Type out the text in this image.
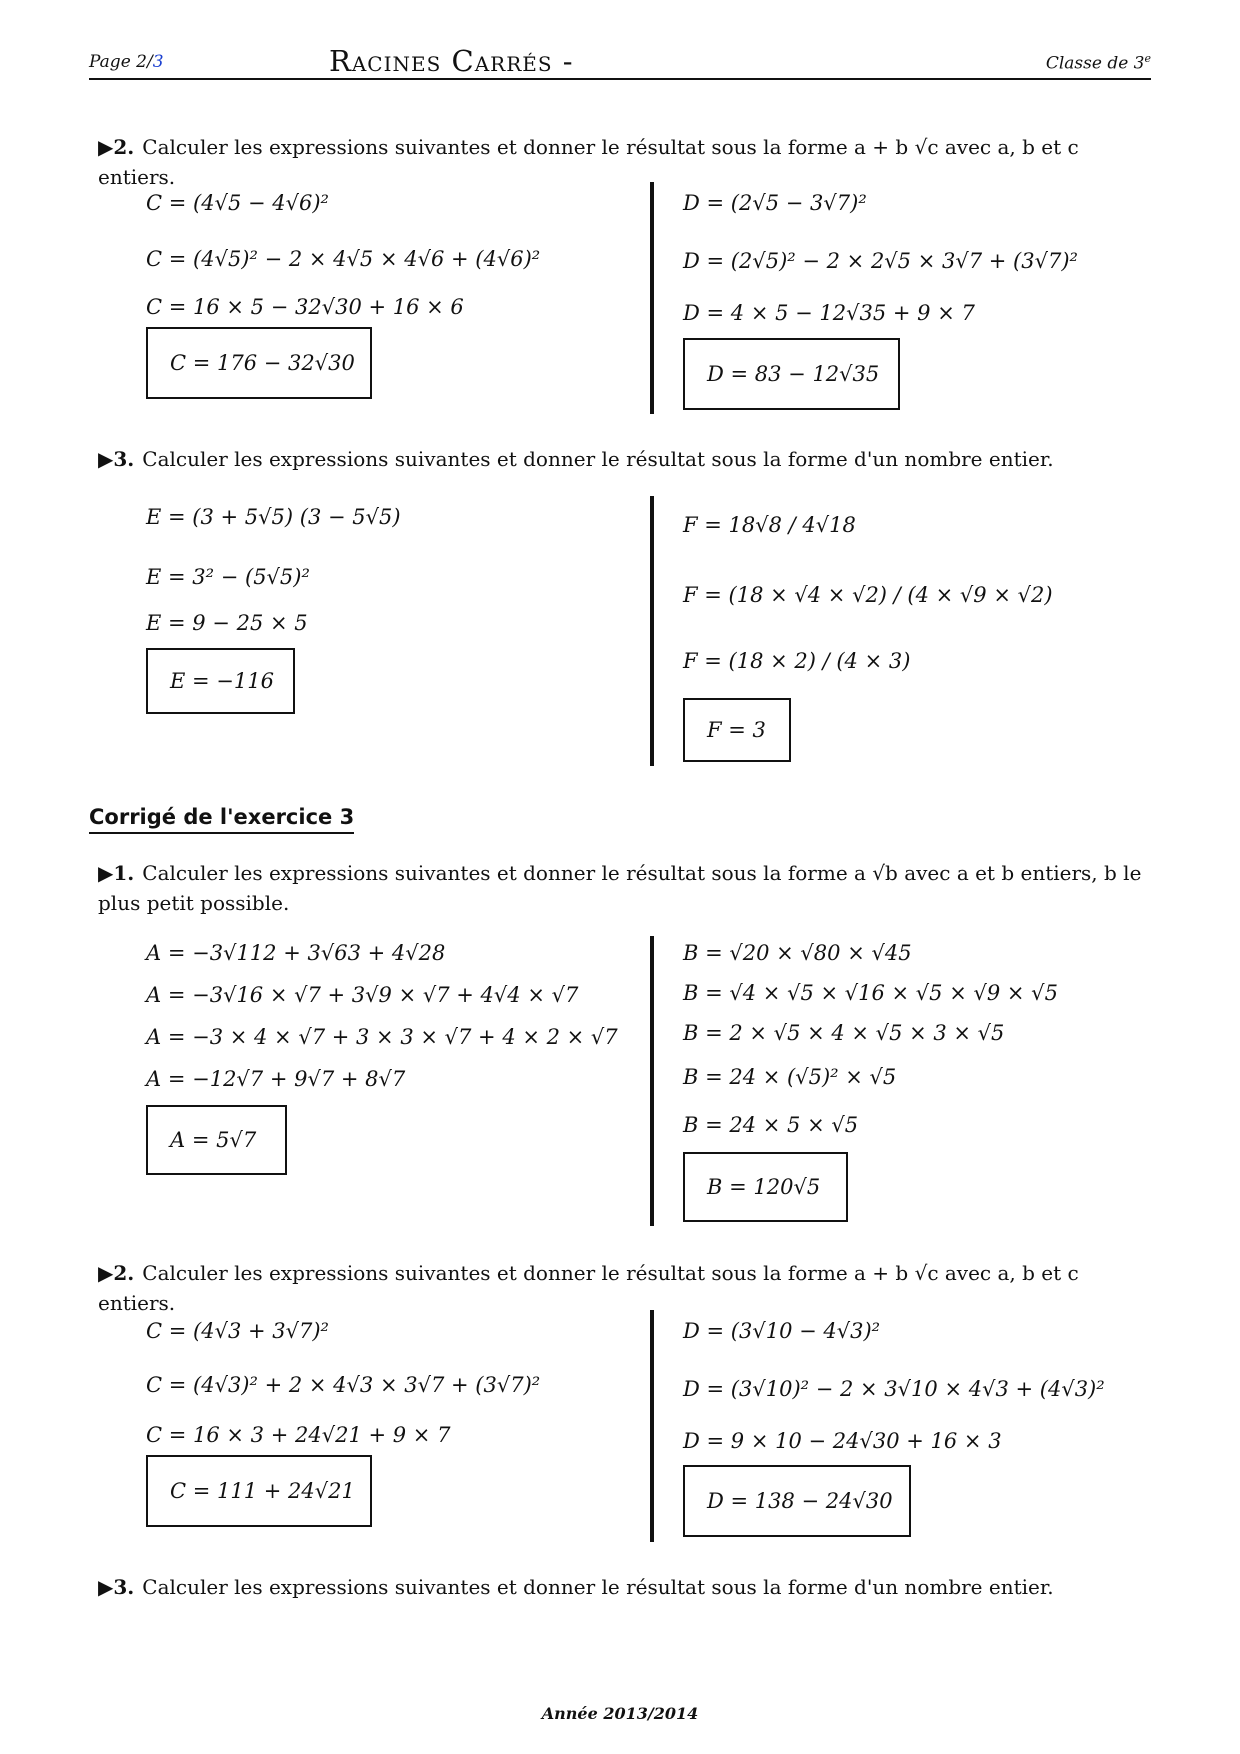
Page 2/3	Racines Carrés -	Classe de 3e
▶2. Calculer les expressions suivantes et donner le résultat sous la forme a + b √c avec a, b et c entiers.
C = (4√5 − 4√6)²
C = (4√5)² − 2 × 4√5 × 4√6 + (4√6)²
C = 16 × 5 − 32√30 + 16 × 6
C = 176 − 32√30
D = (2√5 − 3√7)²
D = (2√5)² − 2 × 2√5 × 3√7 + (3√7)²
D = 4 × 5 − 12√35 + 9 × 7
D = 83 − 12√35
▶3. Calculer les expressions suivantes et donner le résultat sous la forme d'un nombre entier.
E = (3 + 5√5) (3 − 5√5)
E = 3² − (5√5)²
E = 9 − 25 × 5
E = −116
F = 18√8 / 4√18
F = (18 × √4 × √2) / (4 × √9 × √2)
F = (18 × 2) / (4 × 3)
F = 3
Corrigé de l'exercice 3
▶1. Calculer les expressions suivantes et donner le résultat sous la forme a √b avec a et b entiers, b le plus petit possible.
A = −3√112 + 3√63 + 4√28
A = −3√16 × √7 + 3√9 × √7 + 4√4 × √7
A = −3 × 4 × √7 + 3 × 3 × √7 + 4 × 2 × √7
A = −12√7 + 9√7 + 8√7
A = 5√7
B = √20 × √80 × √45
B = √4 × √5 × √16 × √5 × √9 × √5
B = 2 × √5 × 4 × √5 × 3 × √5
B = 24 × (√5)² × √5
B = 24 × 5 × √5
B = 120√5
▶2. Calculer les expressions suivantes et donner le résultat sous la forme a + b √c avec a, b et c entiers.
C = (4√3 + 3√7)²
C = (4√3)² + 2 × 4√3 × 3√7 + (3√7)²
C = 16 × 3 + 24√21 + 9 × 7
C = 111 + 24√21
D = (3√10 − 4√3)²
D = (3√10)² − 2 × 3√10 × 4√3 + (4√3)²
D = 9 × 10 − 24√30 + 16 × 3
D = 138 − 24√30
▶3. Calculer les expressions suivantes et donner le résultat sous la forme d'un nombre entier.
Année 2013/2014
